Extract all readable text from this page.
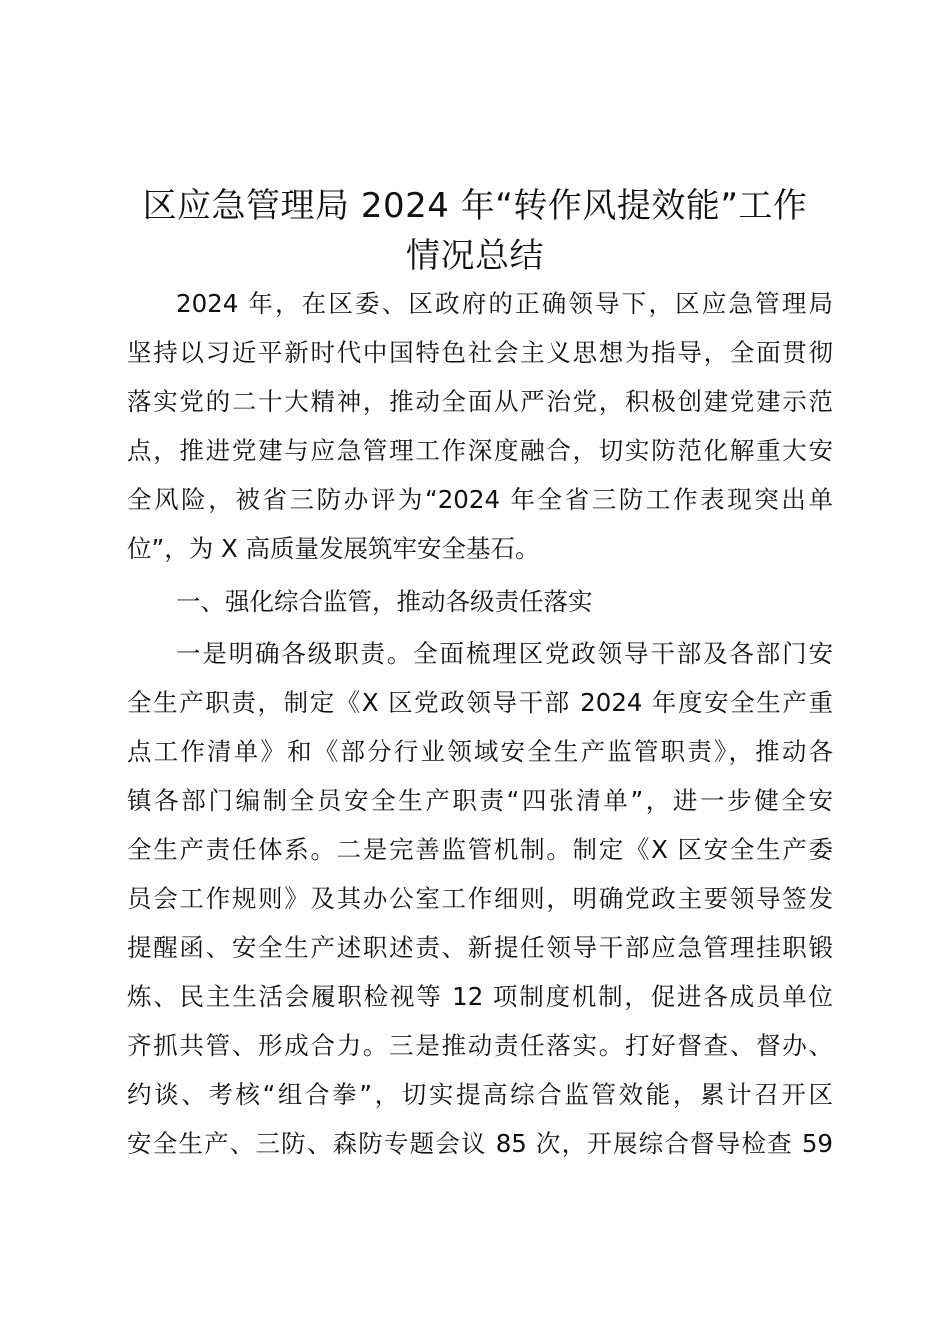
区应急管理局 2024 年“转作风提效能”工作
情况总结
2024 年，在区委、区政府的正确领导下，区应急管理局
坚持以习近平新时代中国特色社会主义思想为指导，全面贯彻
落实党的二十大精神，推动全面从严治党，积极创建党建示范
点，推进党建与应急管理工作深度融合，切实防范化解重大安
全风险，被省三防办评为“2024 年全省三防工作表现突出单
位”，为 X 高质量发展筑牢安全基石。
一、强化综合监管，推动各级责任落实
一是明确各级职责。全面梳理区党政领导干部及各部门安
全生产职责，制定《X 区党政领导干部 2024 年度安全生产重
点工作清单》和《部分行业领域安全生产监管职责》，推动各
镇各部门编制全员安全生产职责“四张清单”，进一步健全安
全生产责任体系。二是完善监管机制。制定《X 区安全生产委
员会工作规则》及其办公室工作细则，明确党政主要领导签发
提醒函、安全生产述职述责、新提任领导干部应急管理挂职锻
炼、民主生活会履职检视等 12 项制度机制，促进各成员单位
齐抓共管、形成合力。三是推动责任落实。打好督查、督办、
约谈、考核“组合拳”，切实提高综合监管效能，累计召开区
安全生产、三防、森防专题会议 85 次，开展综合督导检查 59
